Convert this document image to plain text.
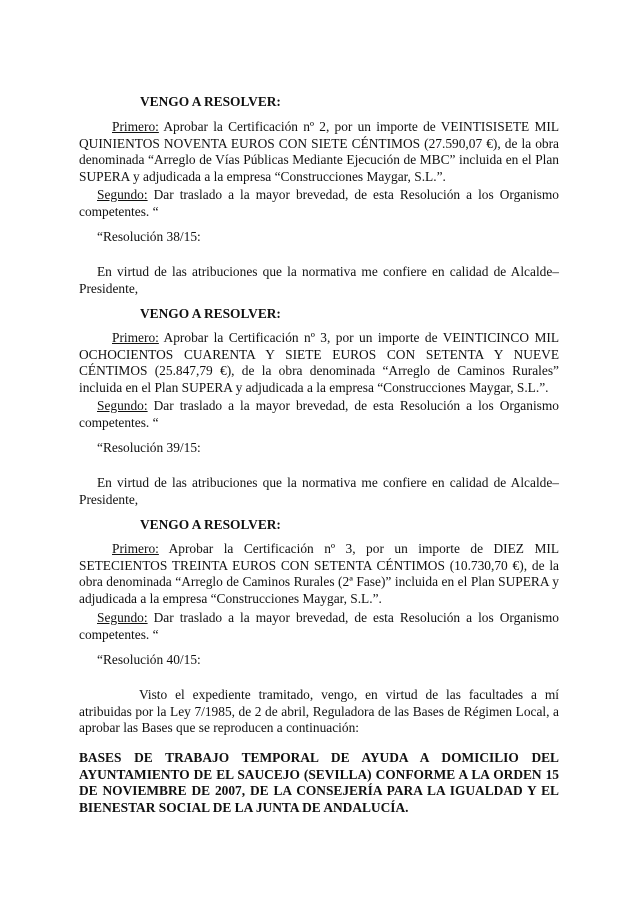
VENGO A RESOLVER:

Primero: Aprobar la Certificación nº 2, por un importe de VEINTISISETE MIL QUINIENTOS NOVENTA EUROS CON SIETE CÉNTIMOS (27.590,07 €), de la obra denominada “Arreglo de Vías Públicas Mediante Ejecución de MBC” incluida en el Plan SUPERA y adjudicada a la empresa “Construcciones Maygar, S.L.”.

Segundo: Dar traslado a la mayor brevedad, de esta Resolución a los Organismo competentes. “

“Resolución 38/15:

En virtud de las atribuciones que la normativa me confiere en calidad de Alcalde–Presidente,

VENGO A RESOLVER:

Primero: Aprobar la Certificación nº 3, por un importe de VEINTICINCO MIL OCHOCIENTOS CUARENTA Y SIETE EUROS CON SETENTA Y NUEVE CÉNTIMOS (25.847,79 €), de la obra denominada “Arreglo de Caminos Rurales” incluida en el Plan SUPERA y adjudicada a la empresa “Construcciones Maygar, S.L.”.

Segundo: Dar traslado a la mayor brevedad, de esta Resolución a los Organismo competentes. “

“Resolución 39/15:

En virtud de las atribuciones que la normativa me confiere en calidad de Alcalde–Presidente,

VENGO A RESOLVER:

Primero: Aprobar la Certificación nº 3, por un importe de DIEZ MIL SETECIENTOS TREINTA EUROS CON SETENTA CÉNTIMOS (10.730,70 €), de la obra denominada “Arreglo de Caminos Rurales (2ª Fase)” incluida en el Plan SUPERA y adjudicada a la empresa “Construcciones Maygar, S.L.”.

Segundo: Dar traslado a la mayor brevedad, de esta Resolución a los Organismo competentes. “

“Resolución 40/15:

Visto el expediente tramitado, vengo, en virtud de las facultades a mí atribuidas por la Ley 7/1985, de 2 de abril, Reguladora de las Bases de Régimen Local, a aprobar las Bases que se reproducen a continuación:

BASES DE TRABAJO TEMPORAL DE AYUDA A DOMICILIO DEL AYUNTAMIENTO DE EL SAUCEJO (SEVILLA) CONFORME A LA ORDEN 15 DE NOVIEMBRE DE 2007, DE LA CONSEJERÍA PARA LA IGUALDAD Y EL BIENESTAR SOCIAL DE LA JUNTA DE ANDALUCÍA.
